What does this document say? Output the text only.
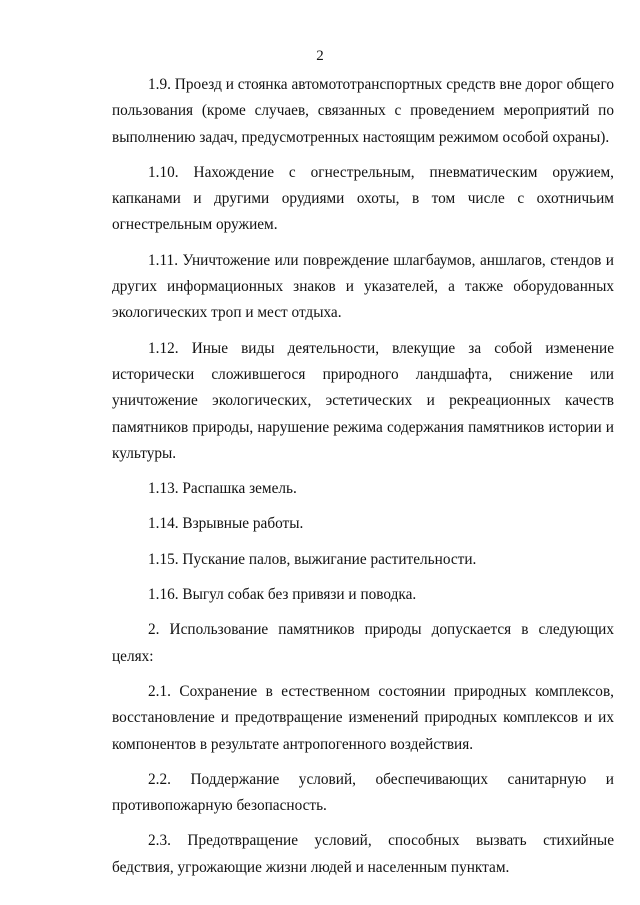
2

1.9. Проезд и стоянка автомототранспортных средств вне дорог общего пользования (кроме случаев, связанных с проведением мероприятий по выполнению задач, предусмотренных настоящим режимом особой охраны).

1.10. Нахождение с огнестрельным, пневматическим оружием, капканами и другими орудиями охоты, в том числе с охотничьим огнестрельным оружием.

1.11. Уничтожение или повреждение шлагбаумов, аншлагов, стендов и других информационных знаков и указателей, а также оборудованных экологических троп и мест отдыха.

1.12. Иные виды деятельности, влекущие за собой изменение исторически сложившегося природного ландшафта, снижение или уничтожение экологических, эстетических и рекреационных качеств памятников природы, нарушение режима содержания памятников истории и культуры.

1.13. Распашка земель.

1.14. Взрывные работы.

1.15. Пускание палов, выжигание растительности.

1.16. Выгул собак без привязи и поводка.

2. Использование памятников природы допускается в следующих целях:

2.1. Сохранение в естественном состоянии природных комплексов, восстановление и предотвращение изменений природных комплексов и их компонентов в результате антропогенного воздействия.

2.2. Поддержание условий, обеспечивающих санитарную и противопожарную безопасность.

2.3. Предотвращение условий, способных вызвать стихийные бедствия, угрожающие жизни людей и населенным пунктам.
